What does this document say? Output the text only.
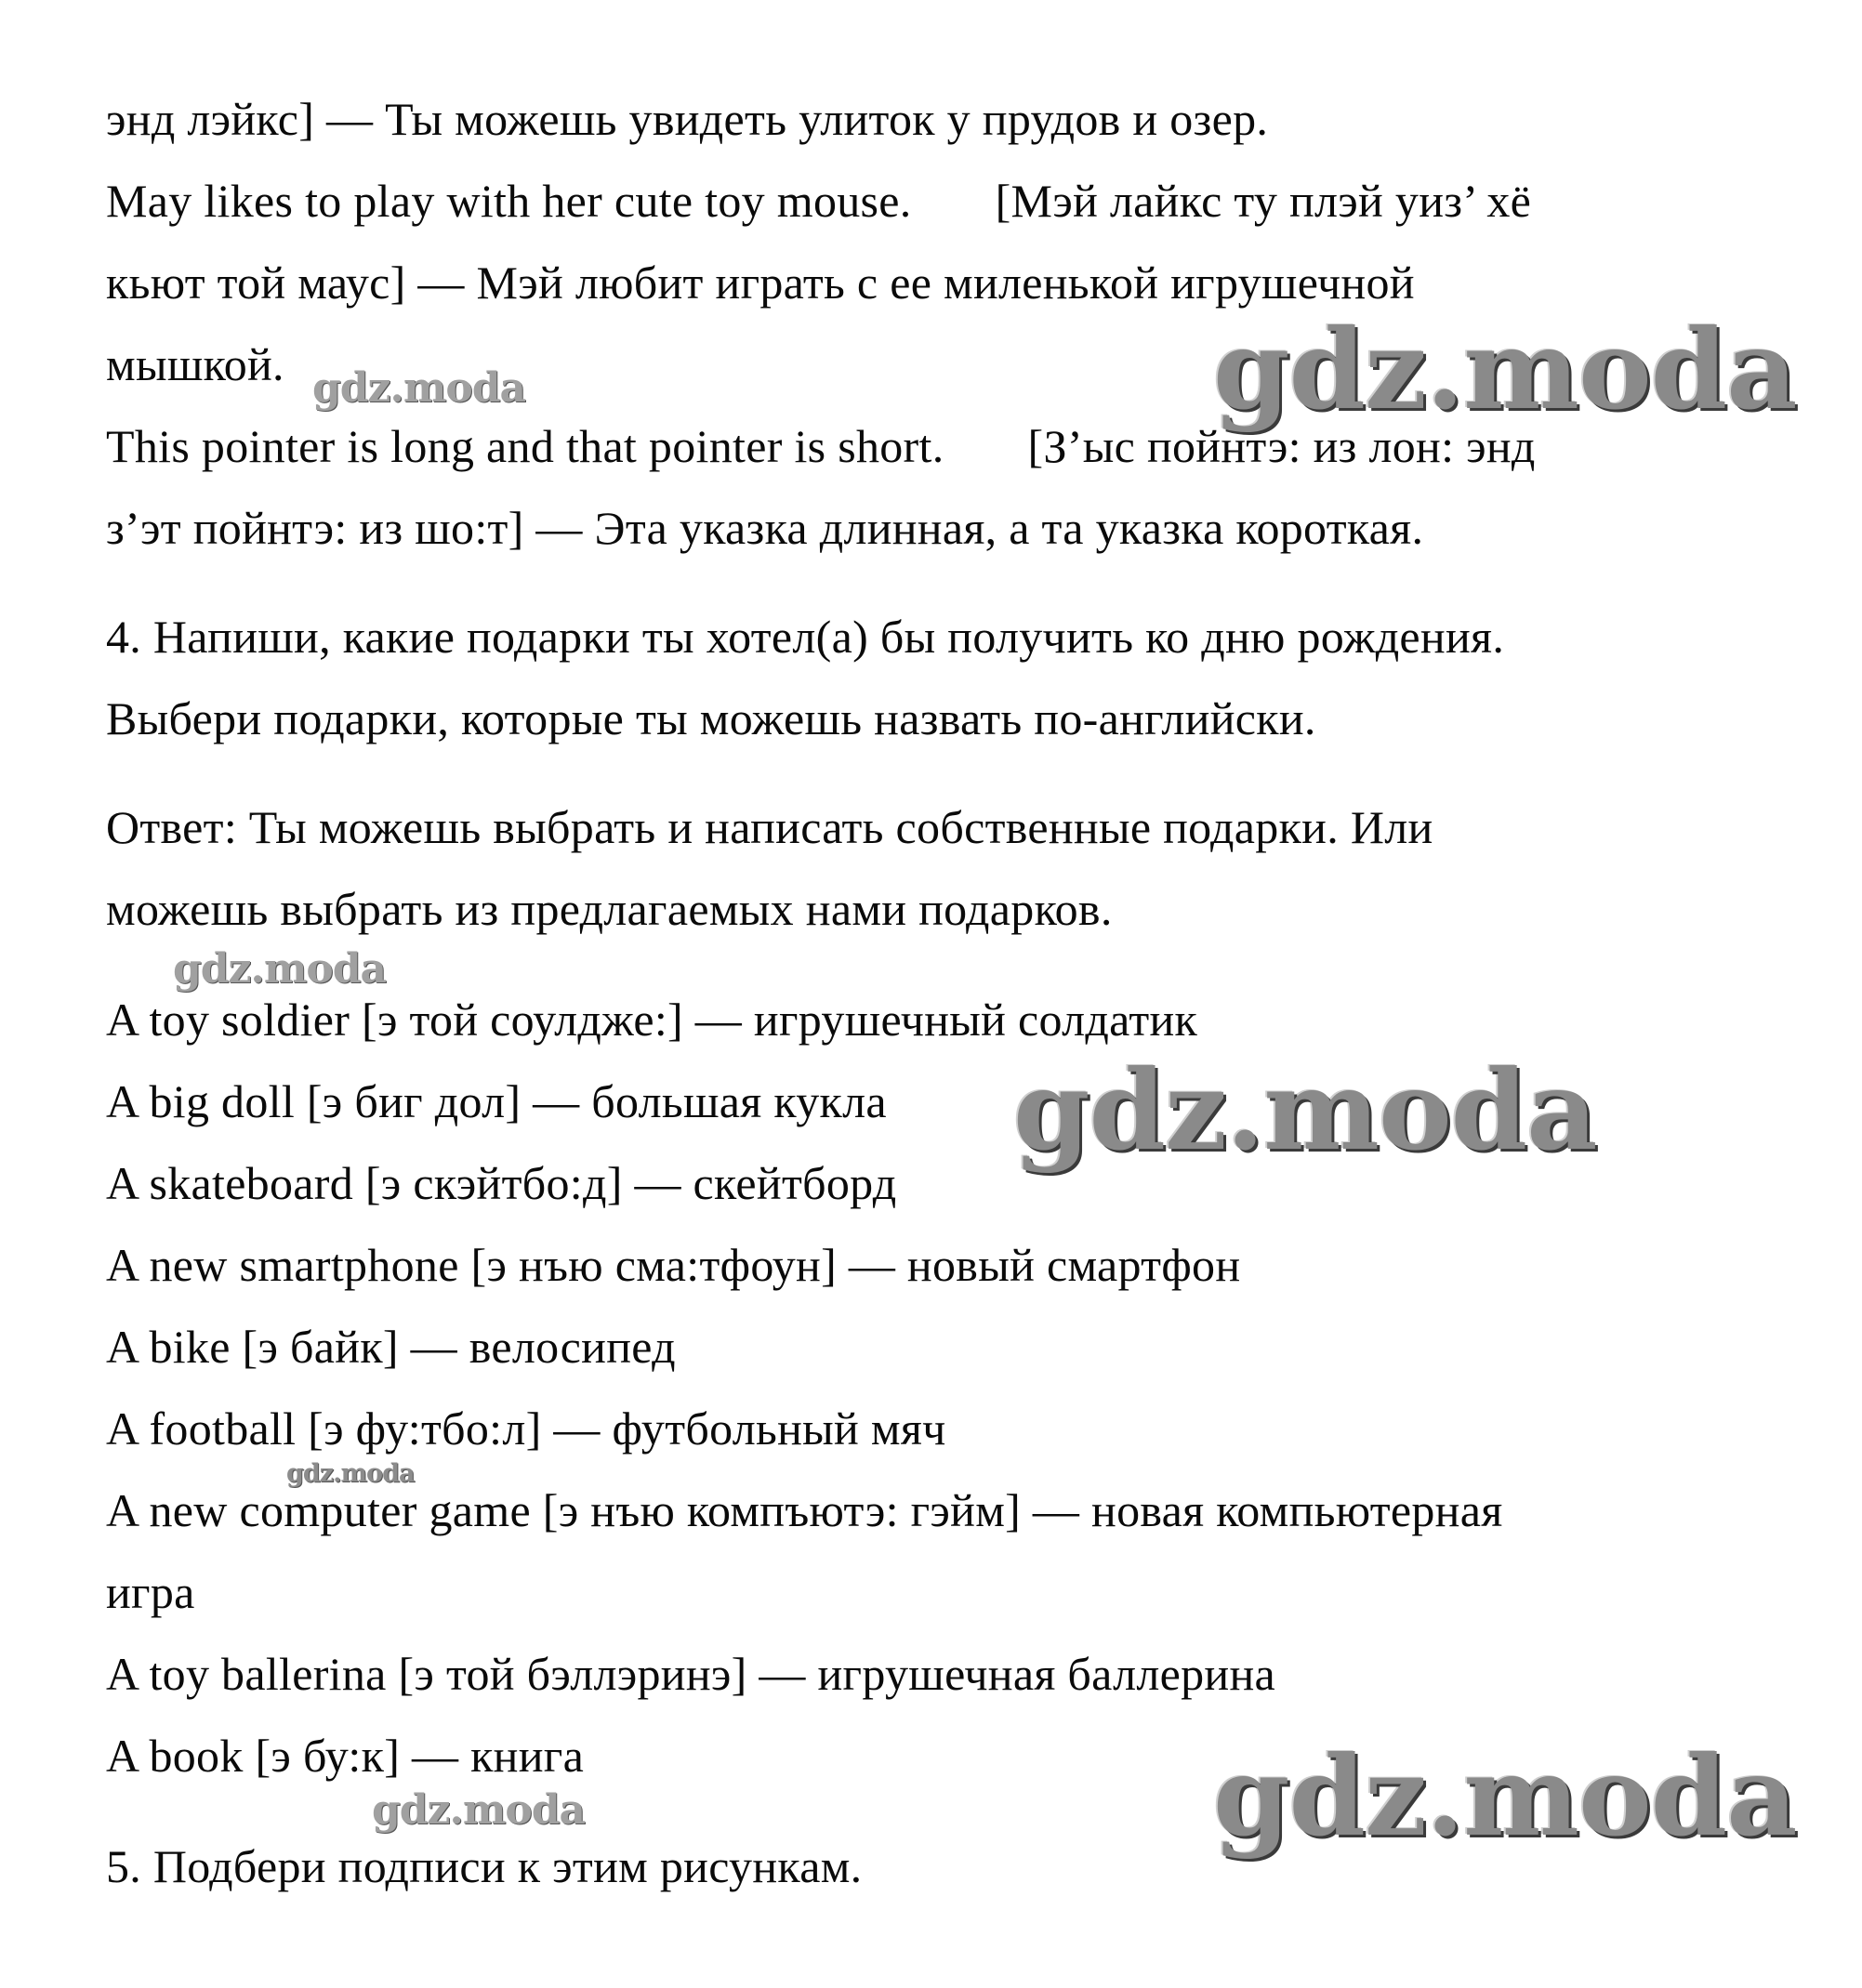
энд лэйкс] — Ты можешь увидеть улиток у прудов и озер.
May likes to play with her cute toy mouse. [Мэй лайкс ту плэй уиз’ хё
кьют той маус] — Мэй любит играть с ее миленькой игрушечной
мышкой.
This pointer is long and that pointer is short. [З’ыс пойнтэ: из лон: энд
з’эт пойнтэ: из шо:т] — Эта указка длинная, а та указка короткая.
4. Напиши, какие подарки ты хотел(а) бы получить ко дню рождения.
Выбери подарки, которые ты можешь назвать по-английски.
Ответ: Ты можешь выбрать и написать собственные подарки. Или
можешь выбрать из предлагаемых нами подарков.
A toy soldier [э той соулдже:] — игрушечный солдатик
A big doll [э биг дол] — большая кукла
A skateboard [э скэйтбо:д] — скейтборд
A new smartphone [э нъю сма:тфоун] — новый смартфон
A bike [э байк] — велосипед
A football [э фу:тбо:л] — футбольный мяч
A new computer game [э нъю компъютэ: гэйм] — новая компьютерная
игра
A toy ballerina [э той бэллэринэ] — игрушечная баллерина
A book [э бу:к] — книга
5. Подбери подписи к этим рисункам.
gdz.moda
gdz.moda
gdz.moda
gdz.moda
gdz.moda
gdz.moda
gdz.moda
